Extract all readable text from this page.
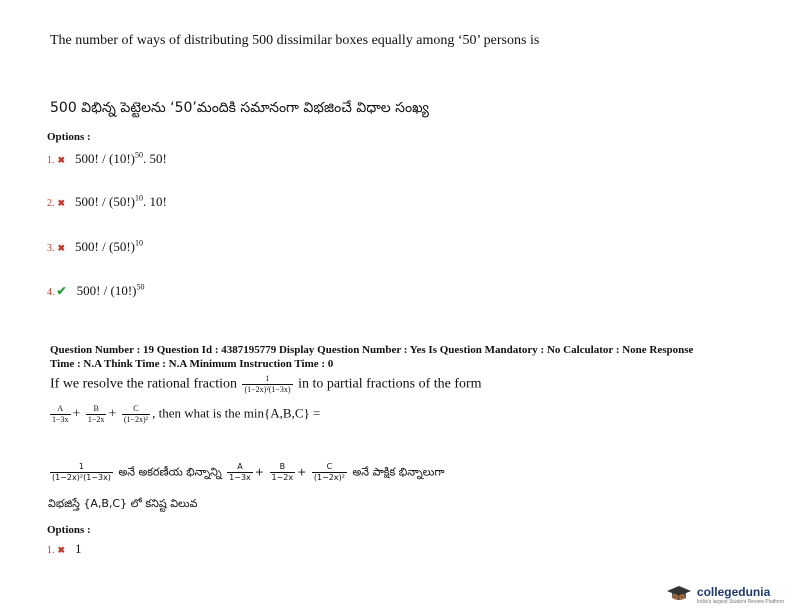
The number of ways of distributing 500 dissimilar boxes equally among ‘50’ persons is
500 విభిన్న పెట్టెలను ‘50’మందికి సమానంగా విభజించే విధాల సంఖ్య
Options :
1. ✖ 500! / $(10!)^{50}$. 50!
2. ✖ 500! / $(50!)^{10}$. 10!
3. ✖ 500! / $(50!)^{10}$
4. ✔ 500! / $(10!)^{50}$
Question Number : 19 Question Id : 4387195779 Display Question Number : Yes Is Question Mandatory : No Calculator : None Response
Time : N.A Think Time : N.A Minimum Instruction Time : 0
If we resolve the rational fraction $\frac{1}{\text{(1−2x)²(1−3x)}}$ in to partial fractions of the form
$\frac{A}{1-3x} + \frac{B}{1-2x} + \frac{C}{\text{(1−2x)²}}$ , then what is the min{A,B,C} =
$\frac{1}{\text{(1−2x)²(1−3x)}}$ అనే అకరణీయ భిన్నాన్ని $\frac{A}{1-3x} + \frac{B}{1-2x} + \frac{C}{\text{(1−2x)²}}$ అనే పాక్షిక భిన్నాలుగా
విభజిస్తే {A,B,C} లో కనిష్ట విలువ
Options :
1. ✖ 1
collegedunia
India's largest Student Review Platform
